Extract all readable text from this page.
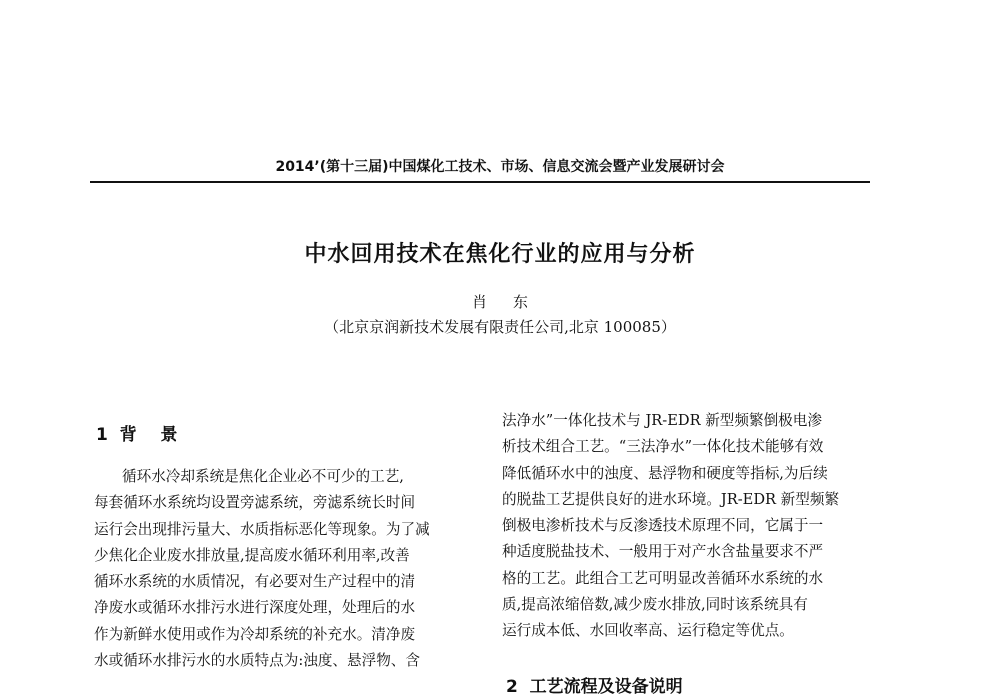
2014’(第十三届)中国煤化工技术、市场、信息交流会暨产业发展研讨会
中水回用技术在焦化行业的应用与分析
肖东
（北京京润新技术发展有限责任公司,北京 100085）
1  背    景
循环水冷却系统是焦化企业必不可少的工艺,
每套循环水系统均设置旁滤系统，旁滤系统长时间
运行会出现排污量大、水质指标恶化等现象。为了减
少焦化企业废水排放量,提高废水循环利用率,改善
循环水系统的水质情况，有必要对生产过程中的清
净废水或循环水排污水进行深度处理，处理后的水
作为新鲜水使用或作为冷却系统的补充水。清净废
水或循环水排污水的水质特点为:浊度、悬浮物、含
法净水”一体化技术与 JR-EDR 新型频繁倒极电渗
析技术组合工艺。“三法净水”一体化技术能够有效
降低循环水中的浊度、悬浮物和硬度等指标,为后续
的脱盐工艺提供良好的进水环境。JR-EDR 新型频繁
倒极电渗析技术与反渗透技术原理不同，它属于一
种适度脱盐技术、一般用于对产水含盐量要求不严
格的工艺。此组合工艺可明显改善循环水系统的水
质,提高浓缩倍数,减少废水排放,同时该系统具有
运行成本低、水回收率高、运行稳定等优点。
2  工艺流程及设备说明
